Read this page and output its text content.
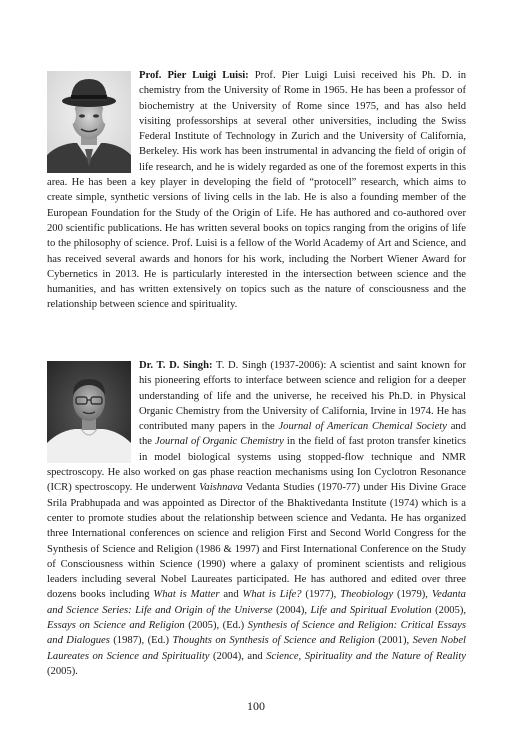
Prof. Pier Luigi Luisi: Prof. Pier Luigi Luisi received his Ph. D. in chemistry from the University of Rome in 1965. He has been a professor of biochemistry at the University of Rome since 1975, and has also held visiting professorships at several other universities, including the Swiss Federal Institute of Technology in Zurich and the University of California, Berkeley. His work has been instrumental in advancing the field of origin of life research, and he is widely regarded as one of the foremost experts in this area. He has been a key player in developing the field of “protocell” research, which aims to create simple, synthetic versions of living cells in the lab. He is also a founding member of the European Foundation for the Study of the Origin of Life. He has authored and co-authored over 200 scientific publications. He has written several books on topics ranging from the origins of life to the philosophy of science. Prof. Luisi is a fellow of the World Academy of Art and Science, and has received several awards and honors for his work, including the Norbert Wiener Award for Cybernetics in 2013. He is particularly interested in the intersection between science and the humanities, and has written extensively on topics such as the nature of consciousness and the relationship between science and spirituality.
Dr. T. D. Singh: T. D. Singh (1937-2006): A scientist and saint known for his pioneering efforts to interface between science and religion for a deeper understanding of life and the universe, he received his Ph.D. in Physical Organic Chemistry from the University of California, Irvine in 1974. He has contributed many papers in the Journal of American Chemical Society and the Journal of Organic Chemistry in the field of fast proton transfer kinetics in model biological systems using stopped-flow technique and NMR spectroscopy. He also worked on gas phase reaction mechanisms using Ion Cyclotron Resonance (ICR) spectroscopy. He underwent Vaishnava Vedanta Studies (1970-77) under His Divine Grace Srila Prabhupada and was appointed as Director of the Bhaktivedanta Institute (1974) which is a center to promote studies about the relationship between science and Vedanta. He has organized three International conferences on science and religion First and Second World Congress for the Synthesis of Science and Religion (1986 & 1997) and First International Conference on the Study of Consciousness within Science (1990) where a galaxy of prominent scientists and religious leaders including several Nobel Laureates participated. He has authored and edited over three dozens books including What is Matter and What is Life? (1977), Theobiology (1979), Vedanta and Science Series: Life and Origin of the Universe (2004), Life and Spiritual Evolution (2005), Essays on Science and Religion (2005), (Ed.) Synthesis of Science and Religion: Critical Essays and Dialogues (1987), (Ed.) Thoughts on Synthesis of Science and Religion (2001), Seven Nobel Laureates on Science and Spirituality (2004), and Science, Spirituality and the Nature of Reality (2005).
100
